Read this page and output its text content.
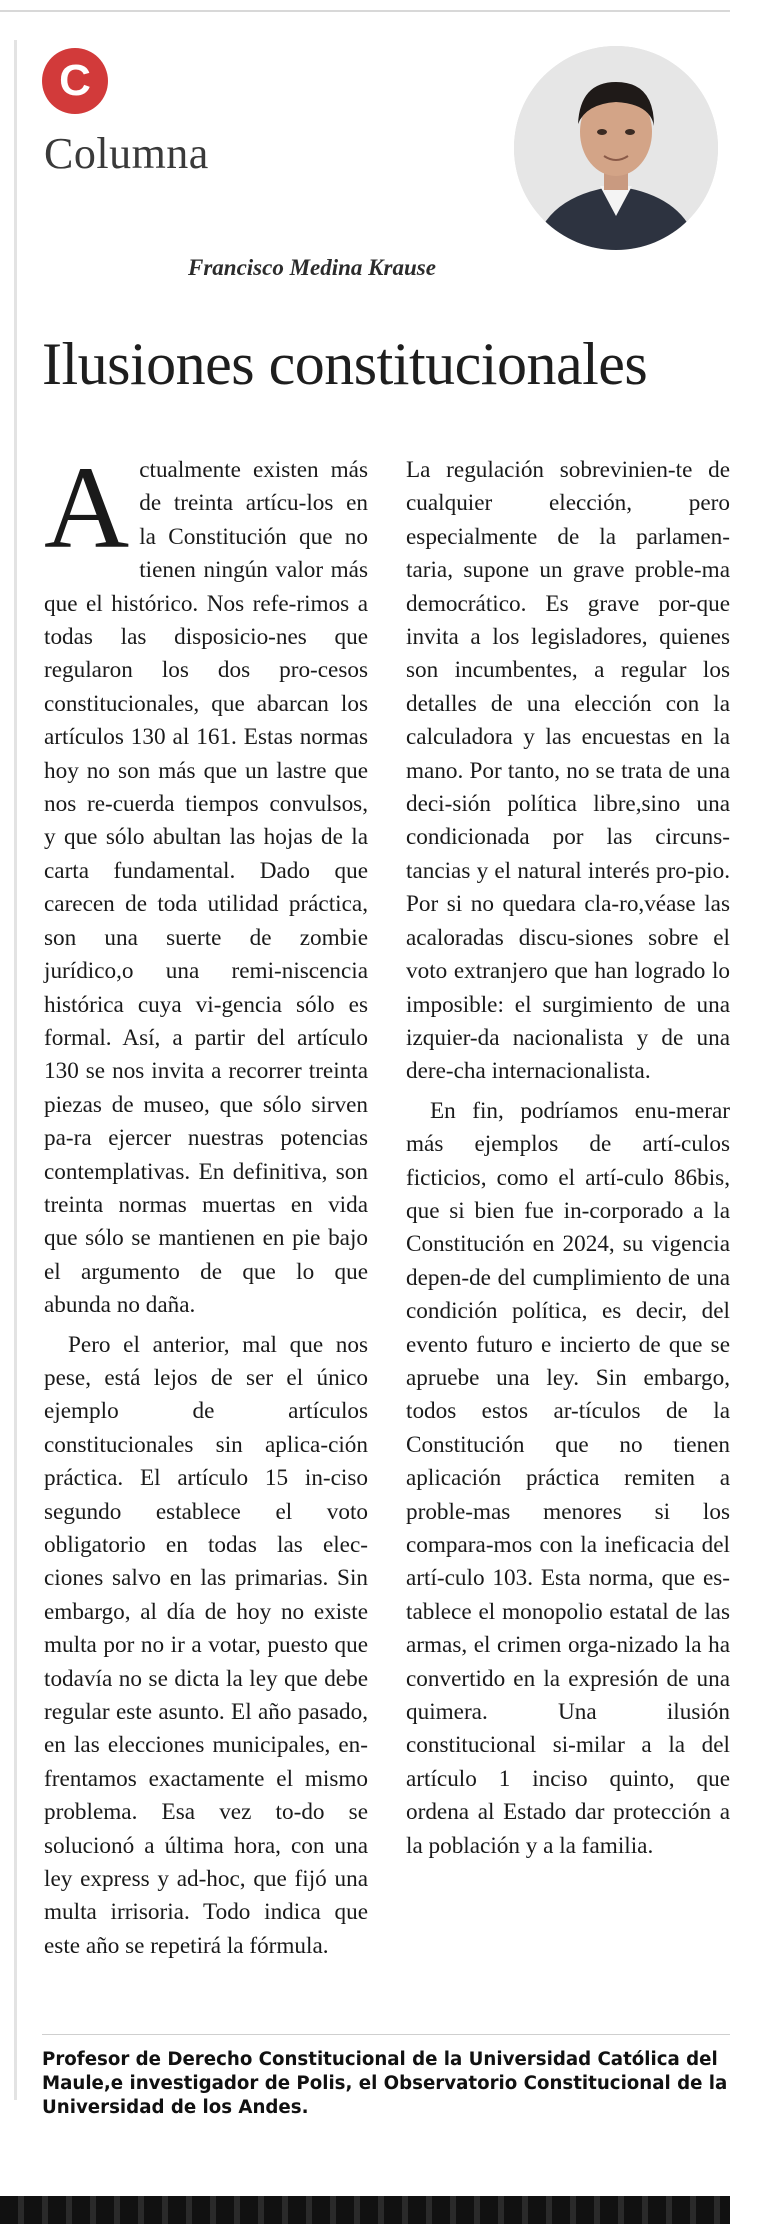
C
Columna
Francisco Medina Krause
Ilusiones constitucionales

Actualmente existen más de treinta artícu-los en la Constitución que no tienen ningún valor más que el histórico. Nos refe-rimos a todas las disposicio-nes que regularon los dos pro-cesos constitucionales, que abarcan los artículos 130 al 161. Estas normas hoy no son más que un lastre que nos re-cuerda tiempos convulsos, y que sólo abultan las hojas de la carta fundamental. Dado que carecen de toda utilidad práctica, son una suerte de zombie jurídico,o una remi-niscencia histórica cuya vi-gencia sólo es formal. Así, a partir del artículo 130 se nos invita a recorrer treinta piezas de museo, que sólo sirven pa-ra ejercer nuestras potencias contemplativas. En definitiva, son treinta normas muertas en vida que sólo se mantienen en pie bajo el argumento de que lo que abunda no daña.

Pero el anterior, mal que nos pese, está lejos de ser el único ejemplo de artículos constitucionales sin aplica-ción práctica. El artículo 15 in-ciso segundo establece el voto obligatorio en todas las elec-ciones salvo en las primarias. Sin embargo, al día de hoy no existe multa por no ir a votar, puesto que todavía no se dicta la ley que debe regular este asunto. El año pasado, en las elecciones municipales, en-frentamos exactamente el mismo problema. Esa vez to-do se solucionó a última hora, con una ley express y ad-hoc, que fijó una multa irrisoria. Todo indica que este año se repetirá la fórmula.

La regulación sobrevinien-te de cualquier elección, pero especialmente de la parlamen-taria, supone un grave proble-ma democrático. Es grave por-que invita a los legisladores, quienes son incumbentes, a regular los detalles de una elección con la calculadora y las encuestas en la mano. Por tanto, no se trata de una deci-sión política libre,sino una condicionada por las circuns-tancias y el natural interés pro-pio. Por si no quedara cla-ro,véase las acaloradas discu-siones sobre el voto extranjero que han logrado lo imposible: el surgimiento de una izquier-da nacionalista y de una dere-cha internacionalista.

En fin, podríamos enu-merar más ejemplos de artí-culos ficticios, como el artí-culo 86bis, que si bien fue in-corporado a la Constitución en 2024, su vigencia depen-de del cumplimiento de una condición política, es decir, del evento futuro e incierto de que se apruebe una ley. Sin embargo, todos estos ar-tículos de la Constitución que no tienen aplicación práctica remiten a proble-mas menores si los compara-mos con la ineficacia del artí-culo 103. Esta norma, que es-tablece el monopolio estatal de las armas, el crimen orga-nizado la ha convertido en la expresión de una quimera. Una ilusión constitucional si-milar a la del artículo 1 inciso quinto, que ordena al Estado dar protección a la población y a la familia.

Profesor de Derecho Constitucional de la Universidad Católica del Maule,e investigador de Polis, el Observatorio Constitucional de la Universidad de los Andes.
